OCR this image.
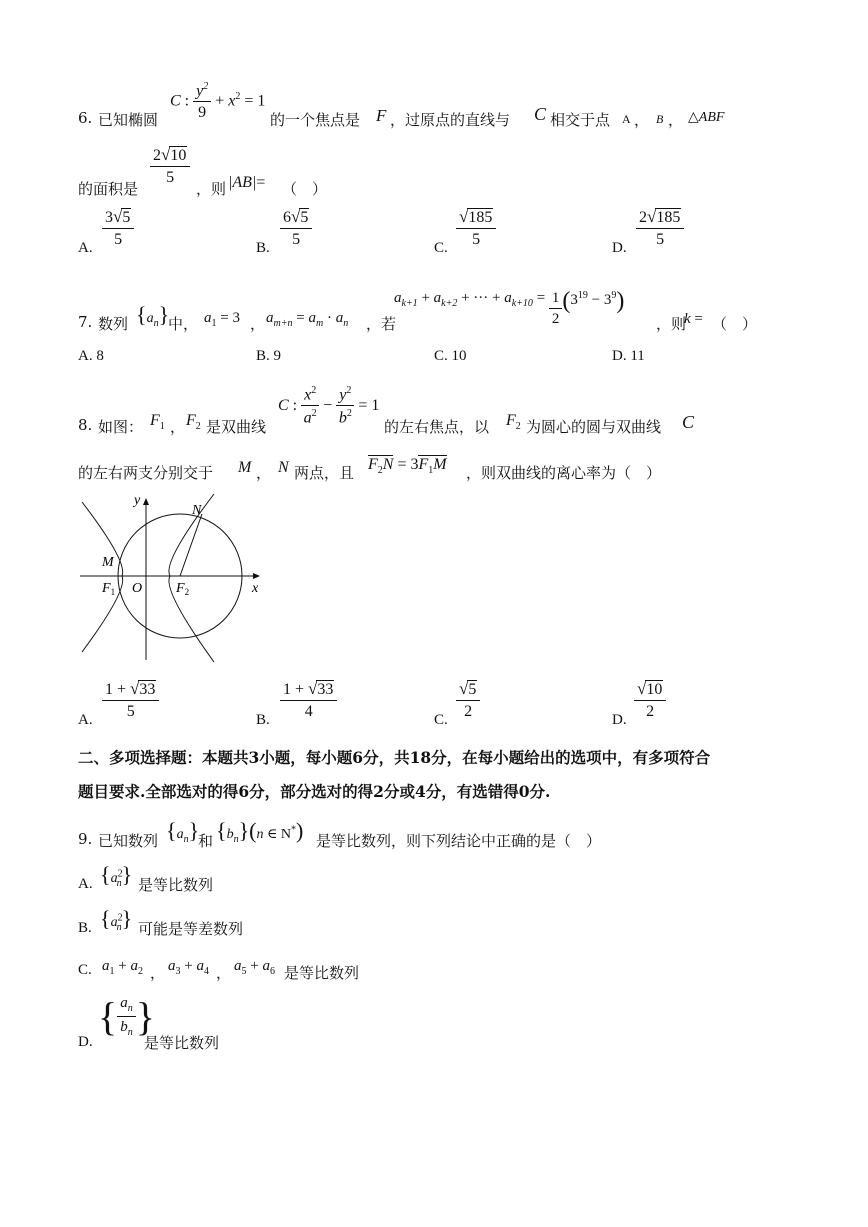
6. 已知椭圆
C : $\frac{y^2}{9} + x^2 = 1$
的一个焦点是 F ，过原点的直线与 C 相交于点 A ， B ， △ABF
的面积是
$\frac{2 √ 10}{5}$
，则 |AB|= （　）
A. $\frac{3 √ 5}{5}$	B. $\frac{6 √ 5}{5}$	C. $\frac{√ 185}{5}$	D. $\frac{2 √ 185}{5}$
7. 数列 $\{a_n\}$
中， $a_1 = 3$ ， $a_{m+n} = a_m \cdot a_n$ ，若
$a_{k+1} + a_{k+2}$ + ··· + $a_{k+10} = \frac{1}{2} (3^{19} - 3^9)$
，则
k = （　）
A. 8	B. 9	C. 10	D. 11
8. 如图： $F_1$ ， $F_2$ 是双曲线
C : $\frac{x^2}{a^2} - \frac{y^2}{b^2} = 1$
的左右焦点，以 $F_2$ 为圆心的圆与双曲线 C
的左右两支分别交于 M ， N 两点，且 $F_2N = 3F_1M$ ，则双曲线的离心率为（　）
y
x
N
M
$F_1$ O $F_2$
A. $\frac{1 + √ 33}{5}$	B. $\frac{1 + √ 33}{4}$	C. $\frac{√ 5}{2}$	D. $\frac{√ 10}{2}$
二、多项选择题：本题共3小题，每小题6分，共18分，在每小题给出的选项中，有多项符合
题目要求.全部选对的得6分，部分选对的得2分或4分，有选错得0分.
9. 已知数列 $\{a_n\}$
和 $\{b_n\}(n$ ∈ N*) 是等比数列，则下列结论中正确的是（　）
A. $\{a^2_n\}$ 是等比数列
B. $\{a^2_n\}$ 可能是等差数列
C. $a_1 + a_2$ ， $a_3 + a_4$ ， $a_5 + a_6$ 是等比数列
D.
{ $\frac{a_n}{b_n}$ }
是等比数列
